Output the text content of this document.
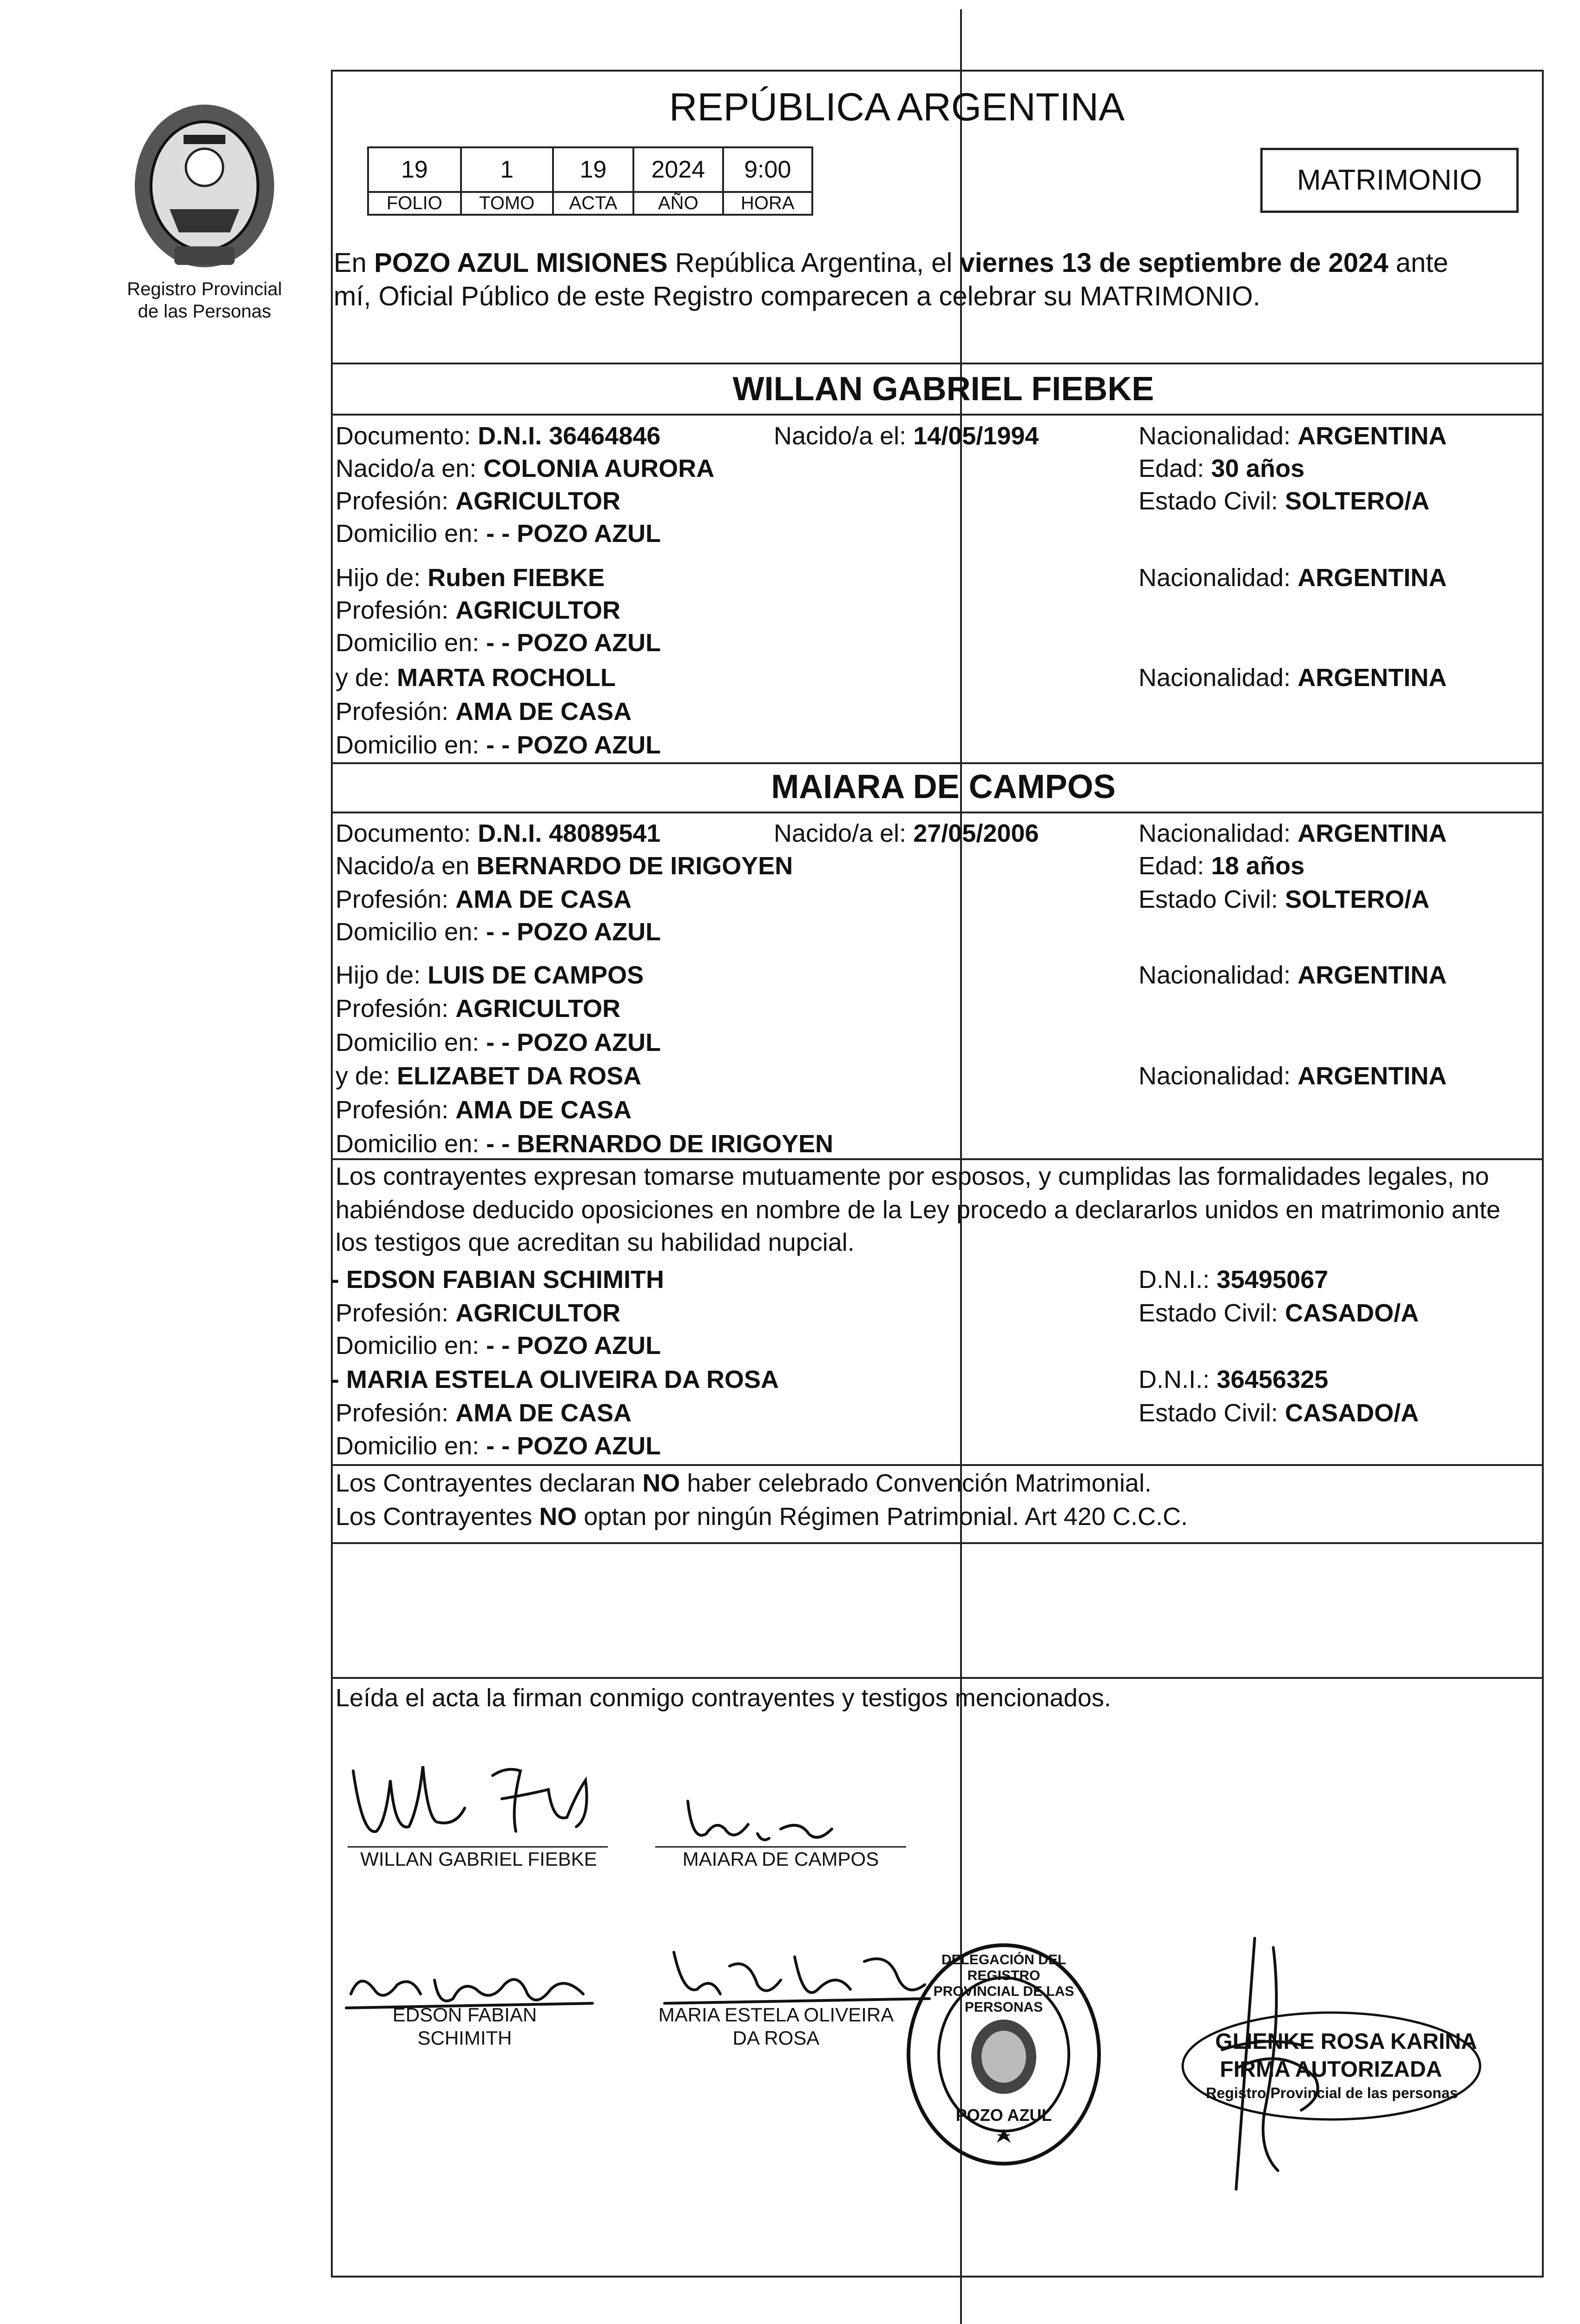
Registro Provincial
de las Personas
REPÚBLICA ARGENTINA
19	1	19	2024	9:00
FOLIO	TOMO	ACTA	AÑO	HORA
MATRIMONIO
En POZO AZUL MISIONES República Argentina, el viernes 13 de septiembre de 2024 ante
mí, Oficial Público de este Registro comparecen a celebrar su MATRIMONIO.
WILLAN GABRIEL FIEBKE
Documento: D.N.I. 36464846	Nacido/a el: 14/05/1994	Nacionalidad: ARGENTINA
Nacido/a en: COLONIA AURORA	Edad: 30 años
Profesión: AGRICULTOR	Estado Civil: SOLTERO/A
Domicilio en: - - POZO AZUL
Hijo de: Ruben FIEBKE	Nacionalidad: ARGENTINA
Profesión: AGRICULTOR
Domicilio en: - - POZO AZUL
y de: MARTA ROCHOLL	Nacionalidad: ARGENTINA
Profesión: AMA DE CASA
Domicilio en: - - POZO AZUL
MAIARA DE CAMPOS
Documento: D.N.I. 48089541	Nacido/a el: 27/05/2006	Nacionalidad: ARGENTINA
Nacido/a en BERNARDO DE IRIGOYEN	Edad: 18 años
Profesión: AMA DE CASA	Estado Civil: SOLTERO/A
Domicilio en: - - POZO AZUL
Hijo de: LUIS DE CAMPOS	Nacionalidad: ARGENTINA
Profesión: AGRICULTOR
Domicilio en: - - POZO AZUL
y de: ELIZABET DA ROSA	Nacionalidad: ARGENTINA
Profesión: AMA DE CASA
Domicilio en: - - BERNARDO DE IRIGOYEN
Los contrayentes expresan tomarse mutuamente por esposos, y cumplidas las formalidades legales, no
habiéndose deducido oposiciones en nombre de la Ley procedo a declararlos unidos en matrimonio ante
los testigos que acreditan su habilidad nupcial.
- EDSON FABIAN SCHIMITH	D.N.I.: 35495067
Profesión: AGRICULTOR	Estado Civil: CASADO/A
Domicilio en: - - POZO AZUL
- MARIA ESTELA OLIVEIRA DA ROSA	D.N.I.: 36456325
Profesión: AMA DE CASA	Estado Civil: CASADO/A
Domicilio en: - - POZO AZUL
Los Contrayentes declaran NO haber celebrado Convención Matrimonial.
Los Contrayentes NO optan por ningún Régimen Patrimonial. Art 420 C.C.C.
Leída el acta la firman conmigo contrayentes y testigos mencionados.
Willan Fiebk
WILLAN GABRIEL FIEBKE
Ma.ara
MAIARA DE CAMPOS
Edson FSchimith	EDSON FABIAN
SCHIMITH
Estela da Rosa MARIA ESTELA OLIVEIRA
DA ROSA
DELEGACIÓN DEL REGISTRO PROVINCIAL DE LAS PERSONAS
POZO AZUL
GLIENKE ROSA KARINA
FIRMA AUTORIZADA
Registro Provincial de las personas
